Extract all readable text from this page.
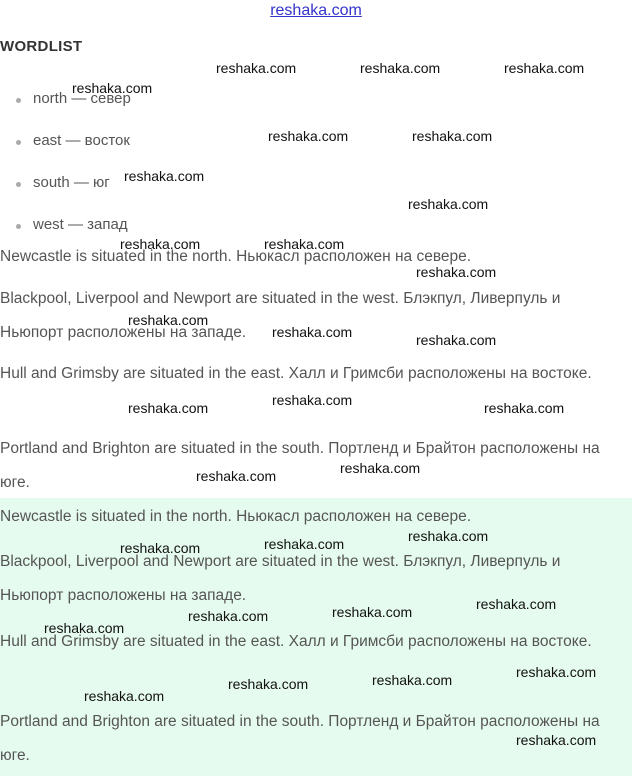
reshaka.com
WORDLIST
north — север
east — восток
south — юг
west — запад

Newcastle is situated in the north. Ньюкасл расположен на севере.

Blackpool, Liverpool and Newport are situated in the west. Блэкпул, Ливерпуль и Ньюпорт расположены на западе.

Hull and Grimsby are situated in the east. Халл и Гримсби расположены на востоке.

Portland and Brighton are situated in the south. Портленд и Брайтон расположены на юге.

Newcastle is situated in the north. Ньюкасл расположен на севере.

Blackpool, Liverpool and Newport are situated in the west. Блэкпул, Ливерпуль и Ньюпорт расположены на западе.

Hull and Grimsby are situated in the east. Халл и Гримсби расположены на востоке.

Portland and Brighton are situated in the south. Портленд и Брайтон расположены на юге.

reshaka.com	reshaka.com	reshaka.com
reshaka.com
reshaka.com	reshaka.com
reshaka.com
reshaka.com
reshaka.com	reshaka.com
reshaka.com
reshaka.com
reshaka.com	reshaka.com
reshaka.com
reshaka.com	reshaka.com
reshaka.com
reshaka.com
reshaka.com
reshaka.com
reshaka.com
reshaka.com
reshaka.com
reshaka.com
reshaka.com
reshaka.com
reshaka.com
reshaka.com
reshaka.com
reshaka.com
